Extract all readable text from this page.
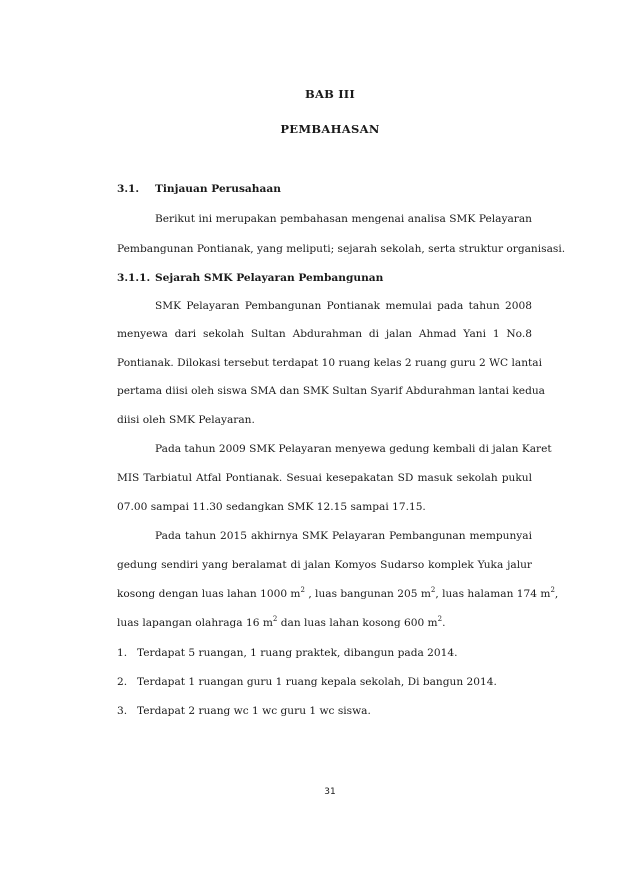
BAB III
PEMBAHASAN
3.1. Tinjauan Perusahaan
Berikut ini merupakan pembahasan mengenai analisa SMK Pelayaran
Pembangunan Pontianak, yang meliputi; sejarah sekolah, serta struktur organisasi.
3.1.1. Sejarah SMK Pelayaran Pembangunan
SMK Pelayaran Pembangunan Pontianak memulai pada tahun 2008
menyewa dari sekolah Sultan Abdurahman di jalan Ahmad Yani 1 No.8
Pontianak. Dilokasi tersebut terdapat 10 ruang kelas 2 ruang guru 2 WC lantai
pertama diisi oleh siswa SMA dan SMK Sultan Syarif Abdurahman lantai kedua
diisi oleh SMK Pelayaran.
Pada tahun 2009 SMK Pelayaran menyewa gedung kembali di jalan Karet
MIS Tarbiatul Atfal Pontianak. Sesuai kesepakatan SD masuk sekolah pukul
07.00 sampai 11.30 sedangkan SMK 12.15 sampai 17.15.
Pada tahun 2015 akhirnya SMK Pelayaran Pembangunan mempunyai
gedung sendiri yang beralamat di jalan Komyos Sudarso komplek Yuka jalur
kosong dengan luas lahan 1000 $m^2$ , luas bangunan 205 $m^2$, luas halaman 174 $m^2$,
luas lapangan olahraga 16 $m^2$ dan luas lahan kosong 600 $m^2$.
1. Terdapat 5 ruangan, 1 ruang praktek, dibangun pada 2014.
2. Terdapat 1 ruangan guru 1 ruang kepala sekolah, Di bangun 2014.
3. Terdapat 2 ruang wc 1 wc guru 1 wc siswa.
31
